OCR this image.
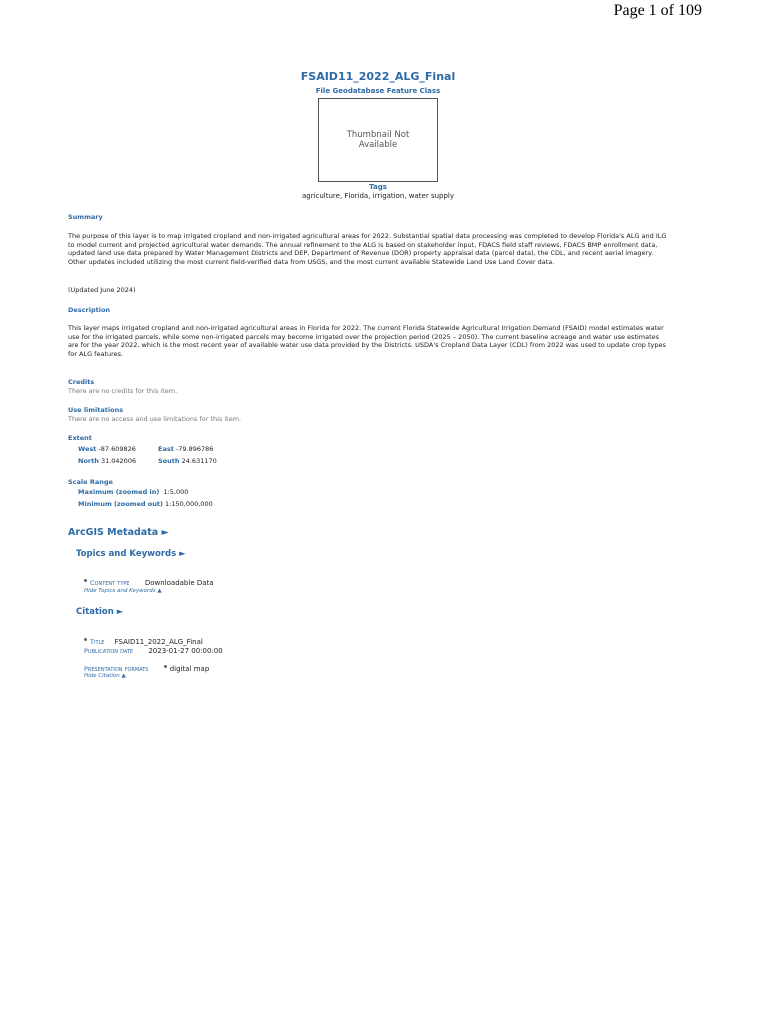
Page 1 of 109
FSAID11_2022_ALG_Final
File Geodatabase Feature Class
Thumbnail Not Available
Tags
agriculture, Florida, irrigation, water supply
Summary
The purpose of this layer is to map irrigated cropland and non-irrigated agricultural areas for 2022. Substantial spatial data processing was completed to develop Florida's ALG and ILG to model current and projected agricultural water demands. The annual refinement to the ALG is based on stakeholder input, FDACS field staff reviews, FDACS BMP enrollment data, updated land use data prepared by Water Management Districts and DEP, Department of Revenue (DOR) property appraisal data (parcel data), the CDL, and recent aerial imagery. Other updates included utilizing the most current field-verified data from USGS, and the most current available Statewide Land Use Land Cover data.
(Updated June 2024)
Description
This layer maps irrigated cropland and non-irrigated agricultural areas in Florida for 2022. The current Florida Statewide Agricultural Irrigation Demand (FSAID) model estimates water use for the irrigated parcels, while some non-irrigated parcels may become irrigated over the projection period (2025 – 2050). The current baseline acreage and water use estimates are for the year 2022, which is the most recent year of available water use data provided by the Districts. USDA's Cropland Data Layer (CDL) from 2022 was used to update crop types for ALG features.
Credits
There are no credits for this item.
Use limitations
There are no access and use limitations for this item.
Extent
West -87.609826	East -79.896786
North 31.042006	South 24.631170
Scale Range
Maximum (zoomed in) 1:5,000
Minimum (zoomed out) 1:150,000,000
ArcGIS Metadata ►
Topics and Keywords ►
Content type Downloadable Data
Hide Topics and Keywords ▲
Citation ►
Title FSAID11_2022_ALG_Final
Publication date 2023-01-27 00:00:00
Presentation formats	digital map
Hide Citation ▲
